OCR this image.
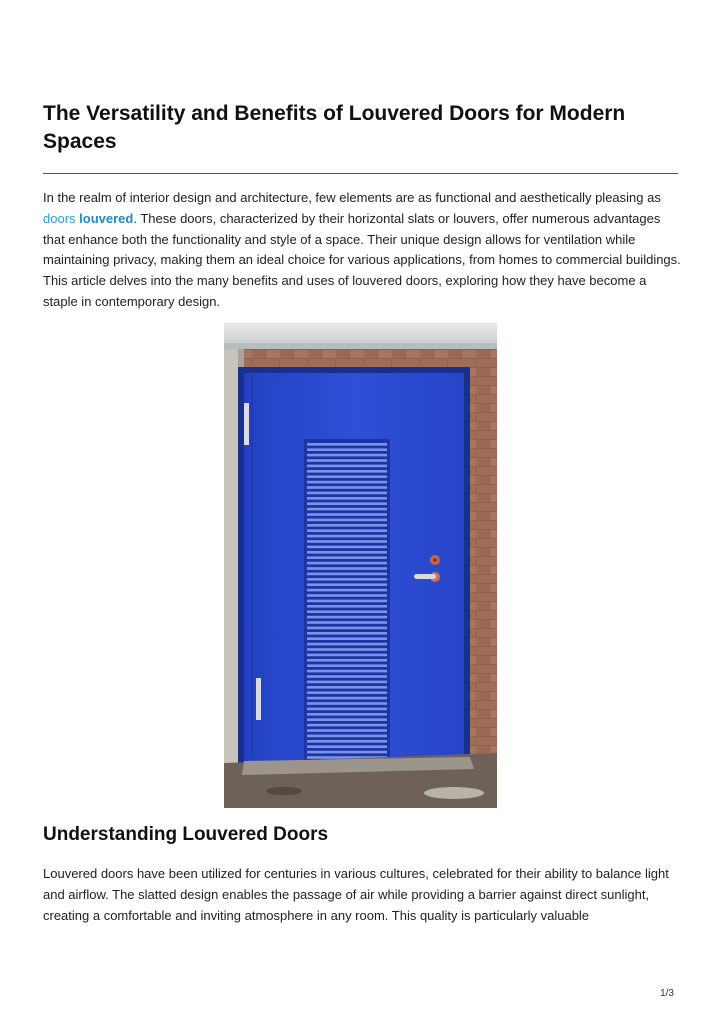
The Versatility and Benefits of Louvered Doors for Modern Spaces

In the realm of interior design and architecture, few elements are as functional and aesthetically pleasing as doors louvered. These doors, characterized by their horizontal slats or louvers, offer numerous advantages that enhance both the functionality and style of a space. Their unique design allows for ventilation while maintaining privacy, making them an ideal choice for various applications, from homes to commercial buildings. This article delves into the many benefits and uses of louvered doors, exploring how they have become a staple in contemporary design.

Understanding Louvered Doors

Louvered doors have been utilized for centuries in various cultures, celebrated for their ability to balance light and airflow. The slatted design enables the passage of air while providing a barrier against direct sunlight, creating a comfortable and inviting atmosphere in any room. This quality is particularly valuable

1/3
